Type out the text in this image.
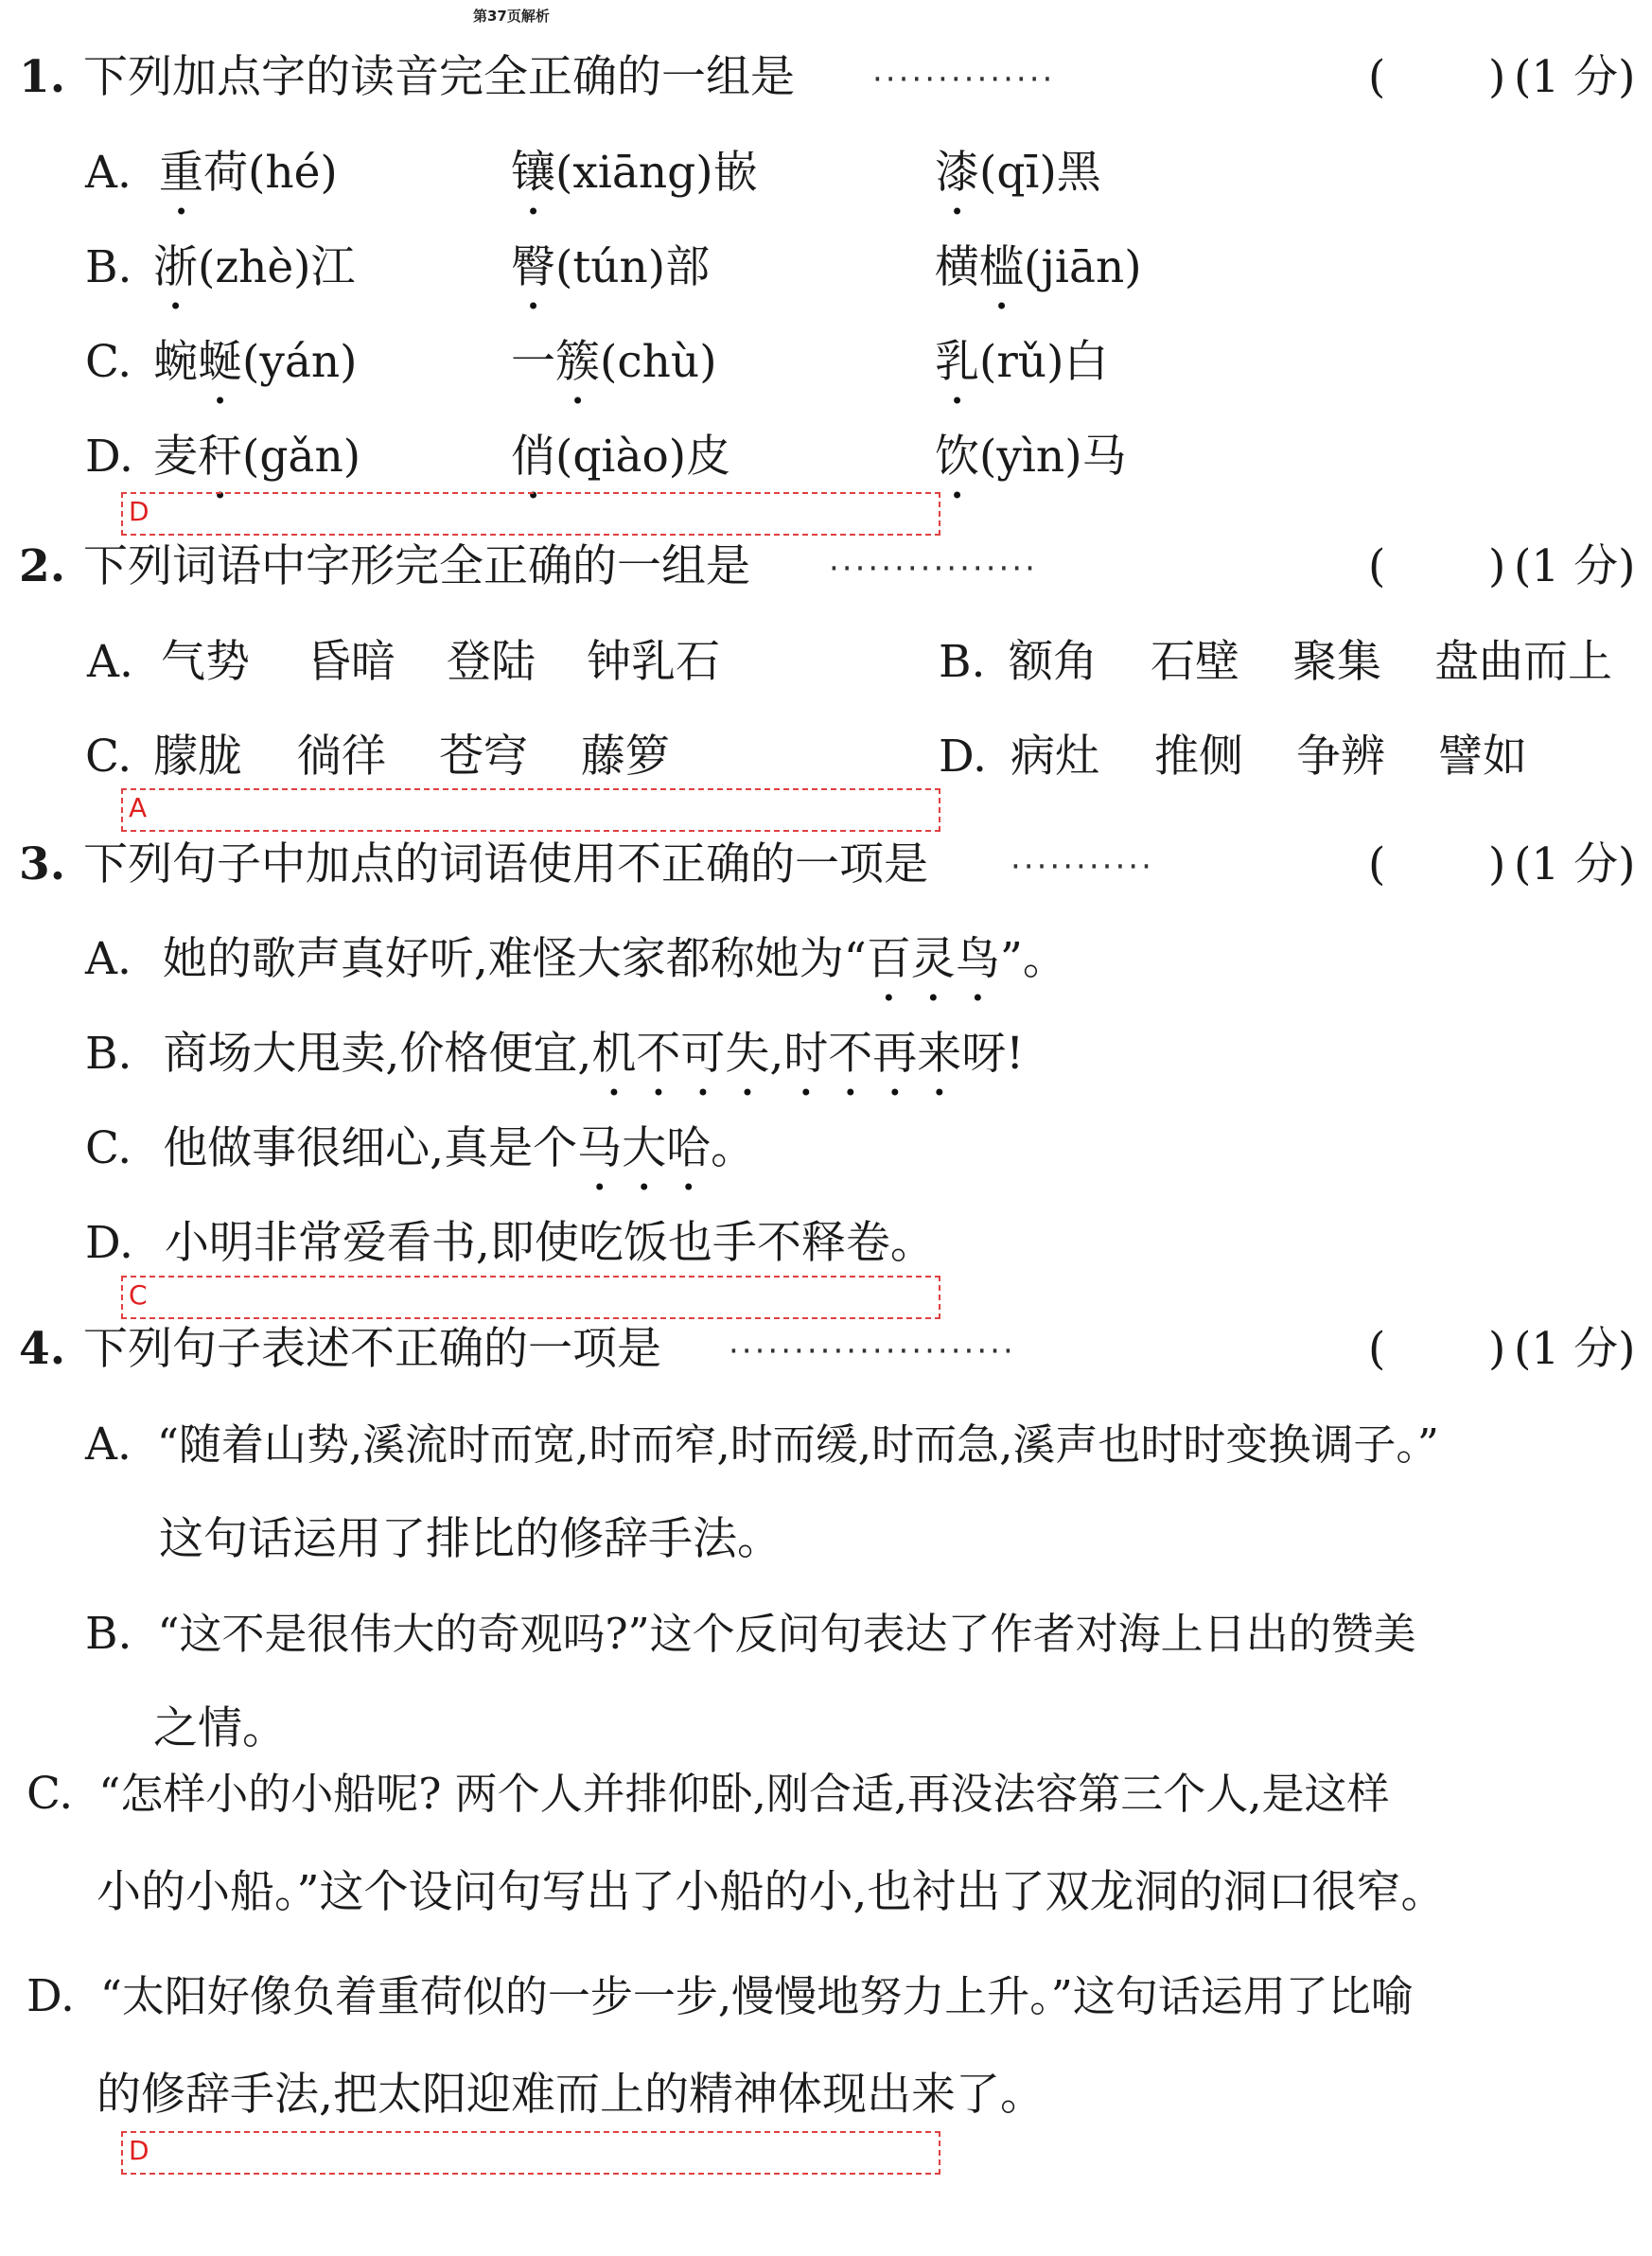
第37页解析
1. 下列加点字的读音完全正确的一组是 ··············	( ) (1 分)
A. 重荷(hé)	镶(xiāng)嵌	漆(qī)黑
B. 浙(zhè)江	臀(tún)部	横槛(jiān)
C. 蜿蜒(yán)	一簇(chù)	乳(rǔ)白
D. 麦秆(gǎn)	俏(qiào)皮	饮(yìn)马
D
2. 下列词语中字形完全正确的一组是 ················	( ) (1 分)
A. 气势 昏暗 登陆 钟乳石	B. 额角 石壁 聚集 盘曲而上
C. 朦胧 徜徉 苍穹 藤箩	D. 病灶 推侧 争辨 譬如
A
3. 下列句子中加点的词语使用不正确的一项是	···········	( ) (1 分)
A. 她的歌声真好听,难怪大家都称她为“百灵鸟”。
B. 商场大甩卖,价格便宜,机不可失,时不再来呀!
C. 他做事很细心,真是个马大哈。
D. 小明非常爱看书,即使吃饭也手不释卷。
C
4. 下列句子表述不正确的一项是 ······················	( ) (1 分)
A. “随着山势,溪流时而宽,时而窄,时而缓,时而急,溪声也时时变换调子。”
这句话运用了排比的修辞手法。
B. “这不是很伟大的奇观吗?”这个反问句表达了作者对海上日出的赞美
之情。
C. “怎样小的小船呢? 两个人并排仰卧,刚合适,再没法容第三个人,是这样
小的小船。”这个设问句写出了小船的小,也衬出了双龙洞的洞口很窄。
D. “太阳好像负着重荷似的一步一步,慢慢地努力上升。”这句话运用了比喻
的修辞手法,把太阳迎难而上的精神体现出来了。
D
